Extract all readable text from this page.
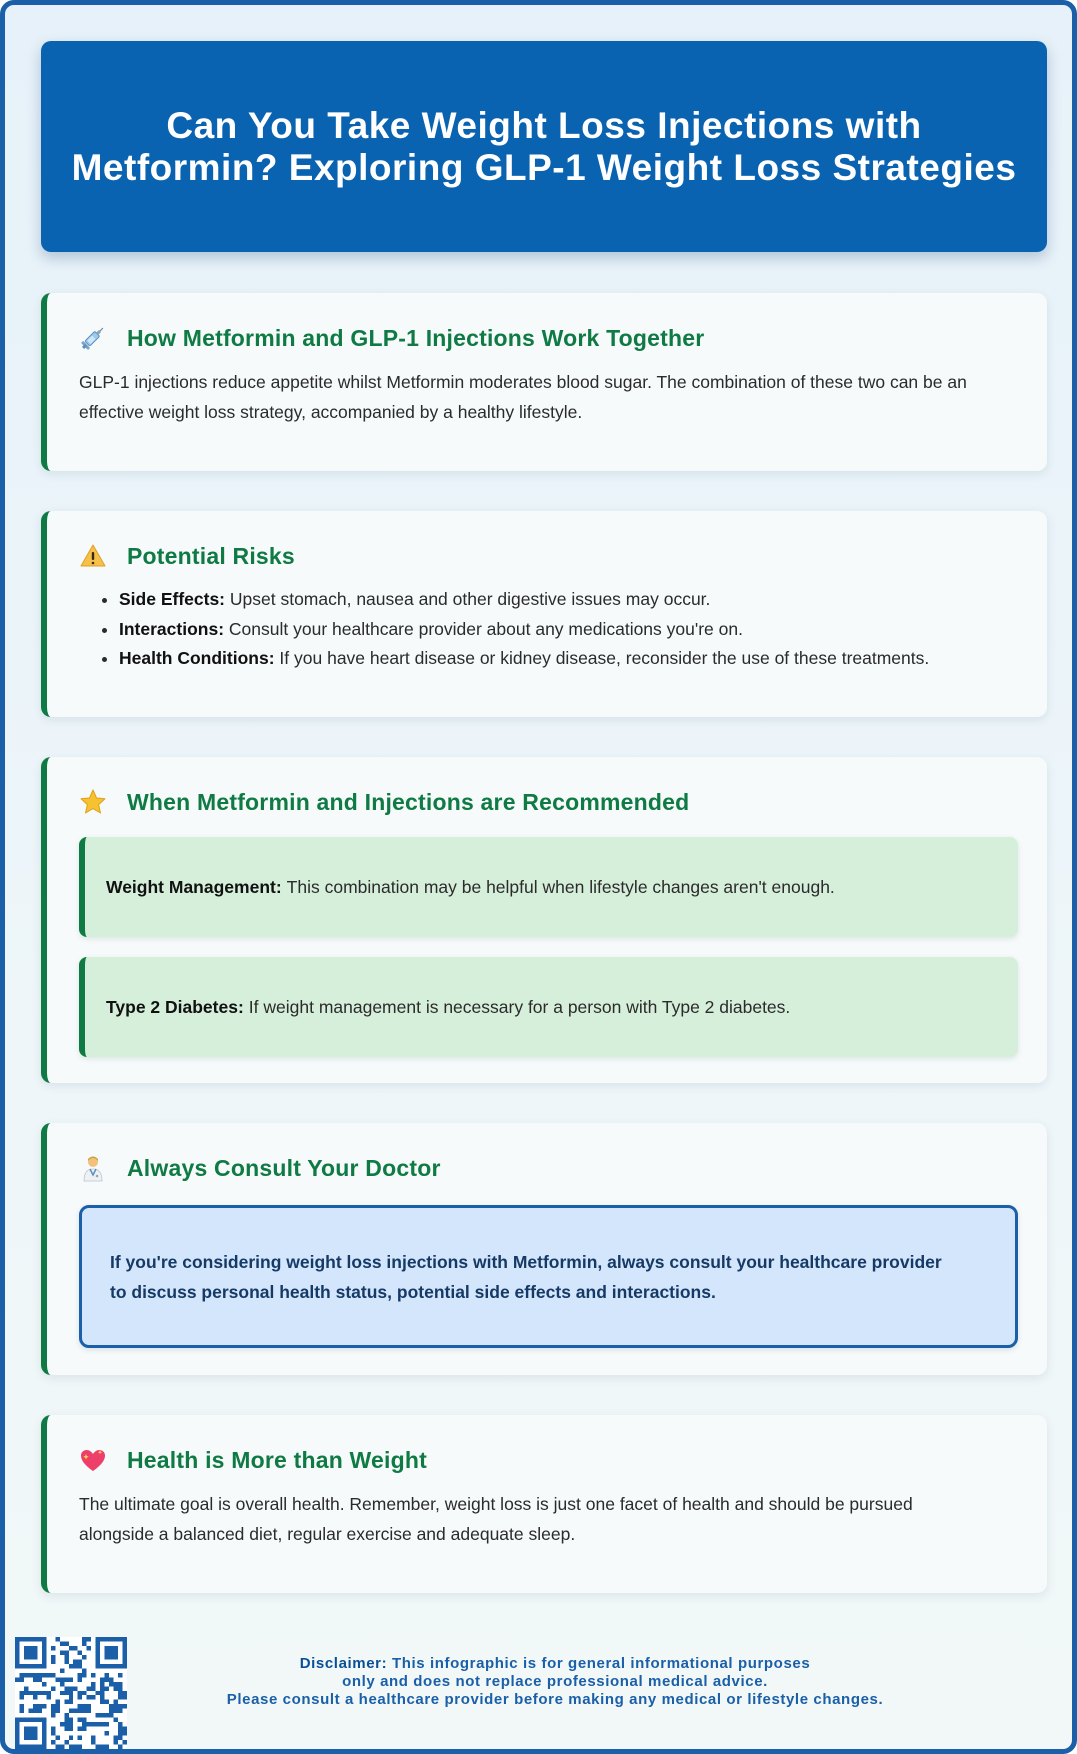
Can You Take Weight Loss Injections with
Metformin? Exploring GLP-1 Weight Loss Strategies
How Metformin and GLP-1 Injections Work Together

GLP-1 injections reduce appetite whilst Metformin moderates blood sugar. The combination of these two can be an
effective weight loss strategy, accompanied by a healthy lifestyle.

Potential Risks
• Side Effects: Upset stomach, nausea and other digestive issues may occur.
• Interactions: Consult your healthcare provider about any medications you're on.
• Health Conditions: If you have heart disease or kidney disease, reconsider the use of these treatments.
When Metformin and Injections are Recommended
Weight Management: This combination may be helpful when lifestyle changes aren't enough.
Type 2 Diabetes: If weight management is necessary for a person with Type 2 diabetes.
Always Consult Your Doctor

If you're considering weight loss injections with Metformin, always consult your healthcare provider
to discuss personal health status, potential side effects and interactions.

Health is More than Weight

The ultimate goal is overall health. Remember, weight loss is just one facet of health and should be pursued
alongside a balanced diet, regular exercise and adequate sleep.

Disclaimer: This infographic is for general informational purposes
only and does not replace professional medical advice.
Please consult a healthcare provider before making any medical or lifestyle changes.
